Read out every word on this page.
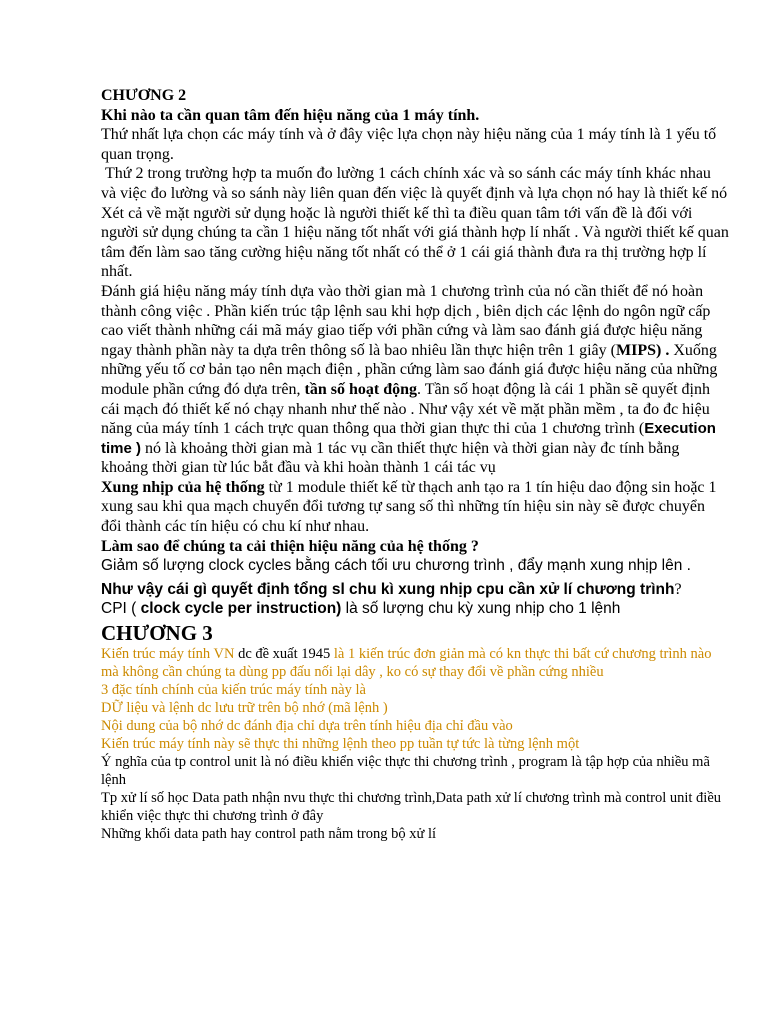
CHƯƠNG 2

Khi nào ta cần quan tâm đến hiệu năng của 1 máy tính.

Thứ nhất lựa chọn các máy tính và ở đây việc lựa chọn này hiệu năng của 1 máy tính là 1 yếu tố quan trọng.

Thứ 2 trong trường hợp ta muốn đo lường 1 cách chính xác và so sánh các máy tính khác nhau và việc đo lường và so sánh này liên quan đến việc là quyết định và lựa chọn nó hay là thiết kế nó

Xét cả về mặt người sử dụng hoặc là người thiết kế thì ta điều quan tâm tới vấn đề là đối với người sử dụng chúng ta cần 1 hiệu năng tốt nhất với giá thành hợp lí nhất . Và người thiết kế quan tâm đến làm sao tăng cường hiệu năng tốt nhất có thể ở 1 cái giá thành đưa ra thị trường hợp lí nhất.

Đánh giá hiệu năng máy tính dựa vào thời gian mà 1 chương trình của nó cần thiết để nó hoàn thành công việc . Phần kiến trúc tập lệnh sau khi hợp dịch , biên dịch các lệnh do ngôn ngữ cấp cao viết thành những cái mã máy giao tiếp với phần cứng và làm sao đánh giá được hiệu năng ngay thành phần này ta dựa trên thông số là bao nhiêu lần thực hiện trên 1 giây (MIPS) . Xuống những yếu tố cơ bản tạo nên mạch điện , phần cứng làm sao đánh giá được hiệu năng của những module phần cứng đó dựa trên, tần số hoạt động. Tần số hoạt động là cái 1 phần sẽ quyết định cái mạch đó thiết kế nó chạy nhanh như thế nào . Như vậy xét về mặt phần mềm , ta đo đc hiệu năng của máy tính 1 cách trực quan thông qua thời gian thực thi của 1 chương trình (Execution time ) nó là khoảng thời gian mà 1 tác vụ cần thiết thực hiện và thời gian này đc tính bằng khoảng thời gian từ lúc bắt đầu và khi hoàn thành 1 cái tác vụ

Xung nhịp của hệ thống từ 1 module thiết kế từ thạch anh tạo ra 1 tín hiệu dao động sin hoặc 1 xung sau khi qua mạch chuyển đổi tương tự sang số thì những tín hiệu sin này sẽ được chuyển đổi thành các tín hiệu có chu kí như nhau.

Làm sao để chúng ta cải thiện hiệu năng của hệ thống ?

Giảm số lượng clock cycles bằng cách tối ưu chương trình , đẩy mạnh xung nhịp lên .

Như vậy cái gì quyết định tổng sl chu kì xung nhịp cpu cần xử lí chương trình?

CPI ( clock cycle per instruction) là số lượng chu kỳ xung nhịp cho 1 lệnh

CHƯƠNG 3

Kiến trúc máy tính VN dc đề xuất 1945 là 1 kiến trúc đơn giản mà có kn thực thi bất cứ chương trình nào mà không cần chúng ta dùng pp đấu nối lại dây , ko có sự thay đổi về phần cứng nhiều

3 đặc tính chính của kiến trúc máy tính này là

DỮ liệu và lệnh dc lưu trữ trên bộ nhớ (mã lệnh )

Nội dung của bộ nhớ dc đánh địa chỉ dựa trên tính hiệu địa chỉ đầu vào

Kiến trúc máy tính này sẽ thực thi những lệnh theo pp tuần tự tức là từng lệnh một

Ý nghĩa của tp control unit là nó điều khiển việc thực thi chương trình , program là tập hợp của nhiều mã lệnh

Tp xử lí số học Data path nhận nvu thực thi chương trình,Data path xử lí chương trình mà control unit điều khiển việc thực thi chương trình ở đây

Những khối data path hay control path nằm trong bộ xử lí
